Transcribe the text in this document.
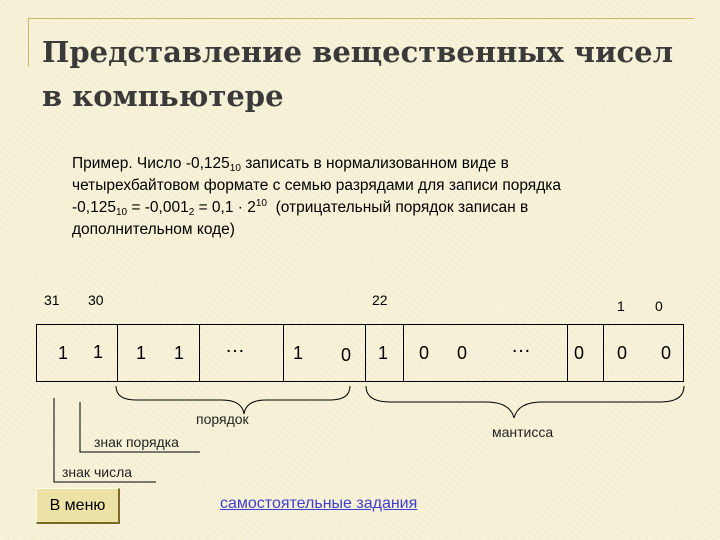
Представление вещественных чисел
в компьютере
Пример. Число $-0,125_{10}$ записать в нормализованном виде в
четырехбайтовом формате с семью разрядами для записи порядка
$-0,125_{10} = -0,001_2 = 0,1 \cdot 2^{10}$  (отрицательный порядок записан в
дополнительном коде)
31 30	22	1 0
1 1 1 1 …	1 0 1 0 0 … 0 0 0
порядок
мантисса
знак порядка
знак числа
В меню	самостоятельные задания
